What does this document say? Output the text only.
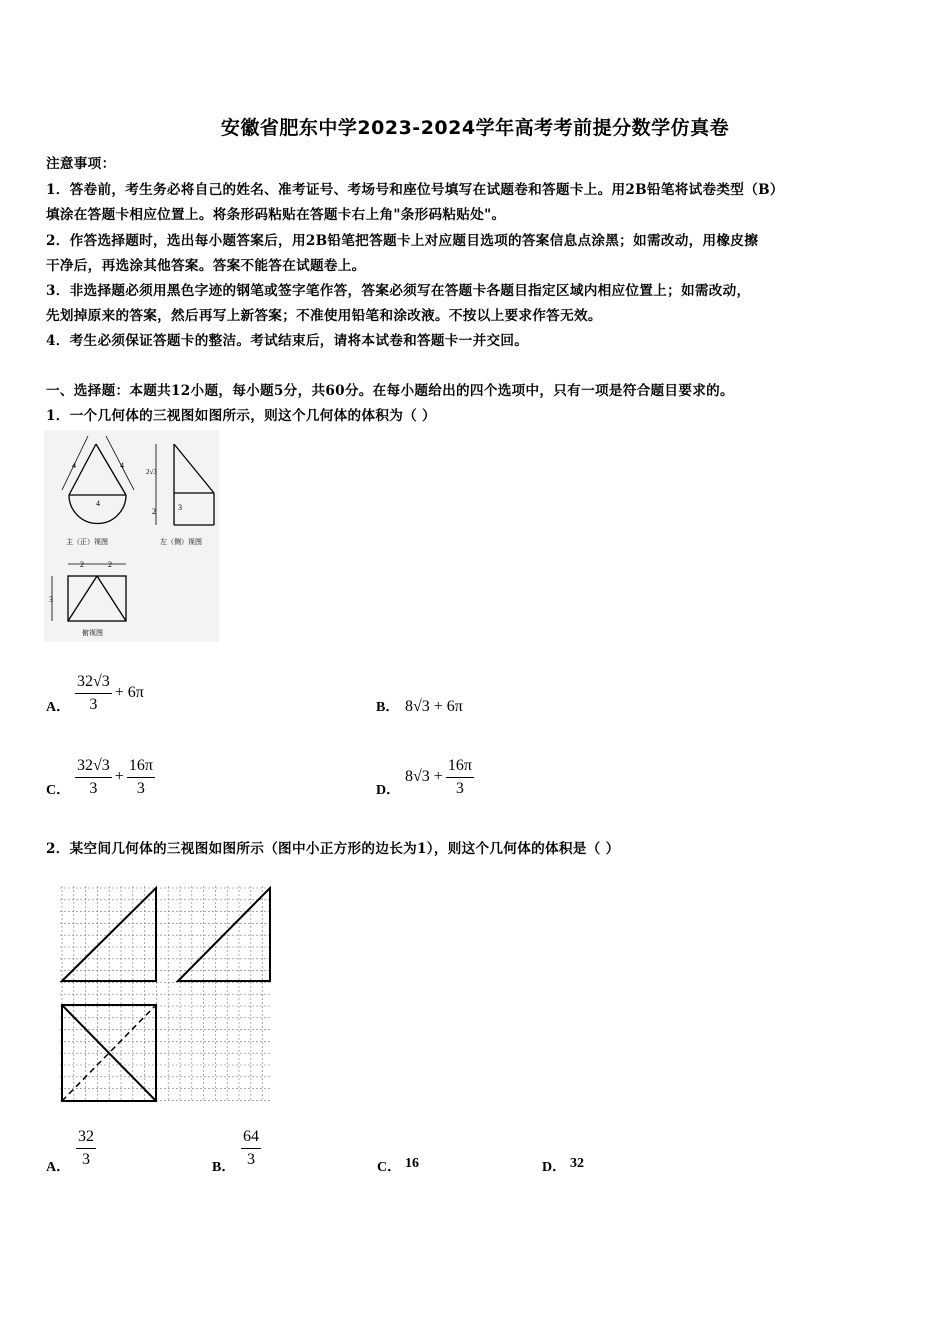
安徽省肥东中学2023-2024学年高考考前提分数学仿真卷
注意事项：
1．答卷前，考生务必将自己的姓名、准考证号、考场号和座位号填写在试题卷和答题卡上。用2B铅笔将试卷类型（B）
填涂在答题卡相应位置上。将条形码粘贴在答题卡右上角"条形码粘贴处"。
2．作答选择题时，选出每小题答案后，用2B铅笔把答题卡上对应题目选项的答案信息点涂黑；如需改动，用橡皮擦
干净后，再选涂其他答案。答案不能答在试题卷上。
3．非选择题必须用黑色字迹的钢笔或签字笔作答，答案必须写在答题卡各题目指定区域内相应位置上；如需改动，
先划掉原来的答案，然后再写上新答案；不准使用铅笔和涂改液。不按以上要求作答无效。
4．考生必须保证答题卡的整洁。考试结束后，请将本试卷和答题卡一并交回。
一、选择题：本题共12小题，每小题5分，共60分。在每小题给出的四个选项中，只有一项是符合题目要求的。
1．一个几何体的三视图如图所示，则这个几何体的体积为（ ）
4	4
4
主（正）视图
2√3
2	3
左（侧）视图
2	2
3
俯视图
A． $\frac{32√3}{3} + 6\pi$
B． 8√3 + 6π
C． $\frac{32√3}{3} + \frac{16\pi}{3}$	D．
$8√3 + \frac{16\pi}{3}$
2．某空间几何体的三视图如图所示（图中小正方形的边长为1），则这个几何体的体积是（ ）
A． $\frac{32}{3}$	B． $\frac{64}{3}$	C． 16	D． 32
